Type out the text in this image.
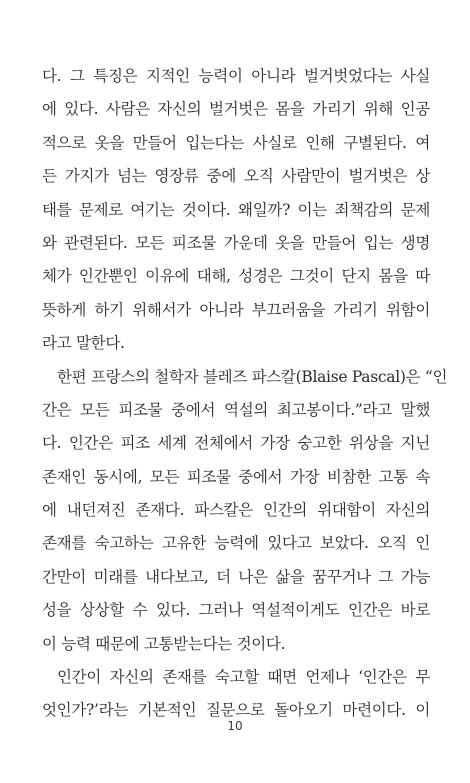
다. 그 특징은 지적인 능력이 아니라 벌거벗었다는 사실
에 있다. 사람은 자신의 벌거벗은 몸을 가리기 위해 인공
적으로 옷을 만들어 입는다는 사실로 인해 구별된다. 여
든 가지가 넘는 영장류 중에 오직 사람만이 벌거벗은 상
태를 문제로 여기는 것이다. 왜일까? 이는 죄책감의 문제
와 관련된다. 모든 피조물 가운데 옷을 만들어 입는 생명
체가 인간뿐인 이유에 대해, 성경은 그것이 단지 몸을 따
뜻하게 하기 위해서가 아니라 부끄러움을 가리기 위함이
라고 말한다.
한편 프랑스의 철학자 블레즈 파스칼(Blaise Pascal)은 “인
간은 모든 피조물 중에서 역설의 최고봉이다.”라고 말했
다. 인간은 피조 세계 전체에서 가장 숭고한 위상을 지닌
존재인 동시에, 모든 피조물 중에서 가장 비참한 고통 속
에 내던져진 존재다. 파스칼은 인간의 위대함이 자신의
존재를 숙고하는 고유한 능력에 있다고 보았다. 오직 인
간만이 미래를 내다보고, 더 나은 삶을 꿈꾸거나 그 가능
성을 상상할 수 있다. 그러나 역설적이게도 인간은 바로
이 능력 때문에 고통받는다는 것이다.
인간이 자신의 존재를 숙고할 때면 언제나 ‘인간은 무
엇인가?’라는 기본적인 질문으로 돌아오기 마련이다. 이
10
